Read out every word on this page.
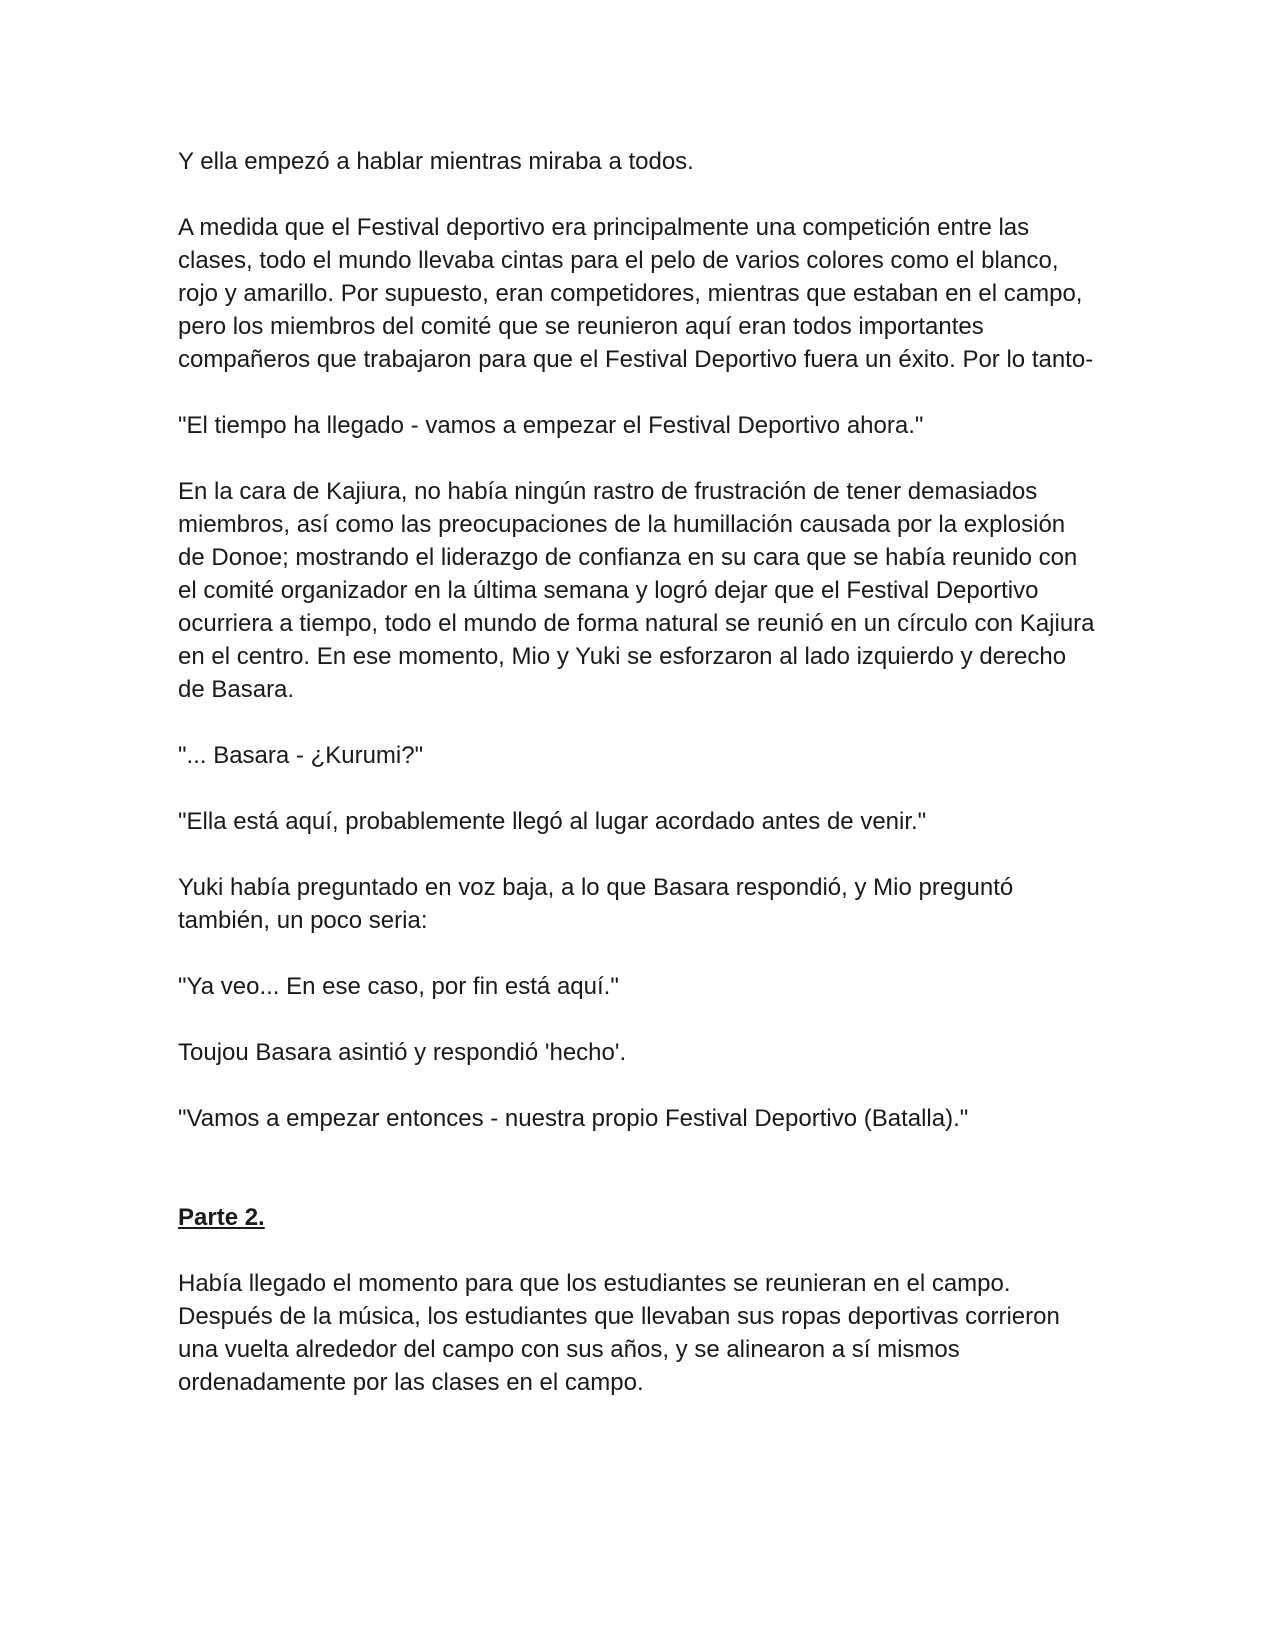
Y ella empezó a hablar mientras miraba a todos.

A medida que el Festival deportivo era principalmente una competición entre las clases, todo el mundo llevaba cintas para el pelo de varios colores como el blanco, rojo y amarillo. Por supuesto, eran competidores, mientras que estaban en el campo, pero los miembros del comité que se reunieron aquí eran todos importantes compañeros que trabajaron para que el Festival Deportivo fuera un éxito. Por lo tanto-

"El tiempo ha llegado - vamos a empezar el Festival Deportivo ahora."

En la cara de Kajiura, no había ningún rastro de frustración de tener demasiados miembros, así como las preocupaciones de la humillación causada por la explosión de Donoe; mostrando el liderazgo de confianza en su cara que se había reunido con el comité organizador en la última semana y logró dejar que el Festival Deportivo ocurriera a tiempo, todo el mundo de forma natural se reunió en un círculo con Kajiura en el centro. En ese momento, Mio y Yuki se esforzaron al lado izquierdo y derecho de Basara.

"... Basara - ¿Kurumi?"

"Ella está aquí, probablemente llegó al lugar acordado antes de venir."

Yuki había preguntado en voz baja, a lo que Basara respondió, y Mio preguntó también, un poco seria:

"Ya veo... En ese caso, por fin está aquí."

Toujou Basara asintió y respondió 'hecho'.

"Vamos a empezar entonces - nuestra propio Festival Deportivo (Batalla)."

Parte 2.

Había llegado el momento para que los estudiantes se reunieran en el campo. Después de la música, los estudiantes que llevaban sus ropas deportivas corrieron una vuelta alrededor del campo con sus años, y se alinearon a sí mismos ordenadamente por las clases en el campo.
